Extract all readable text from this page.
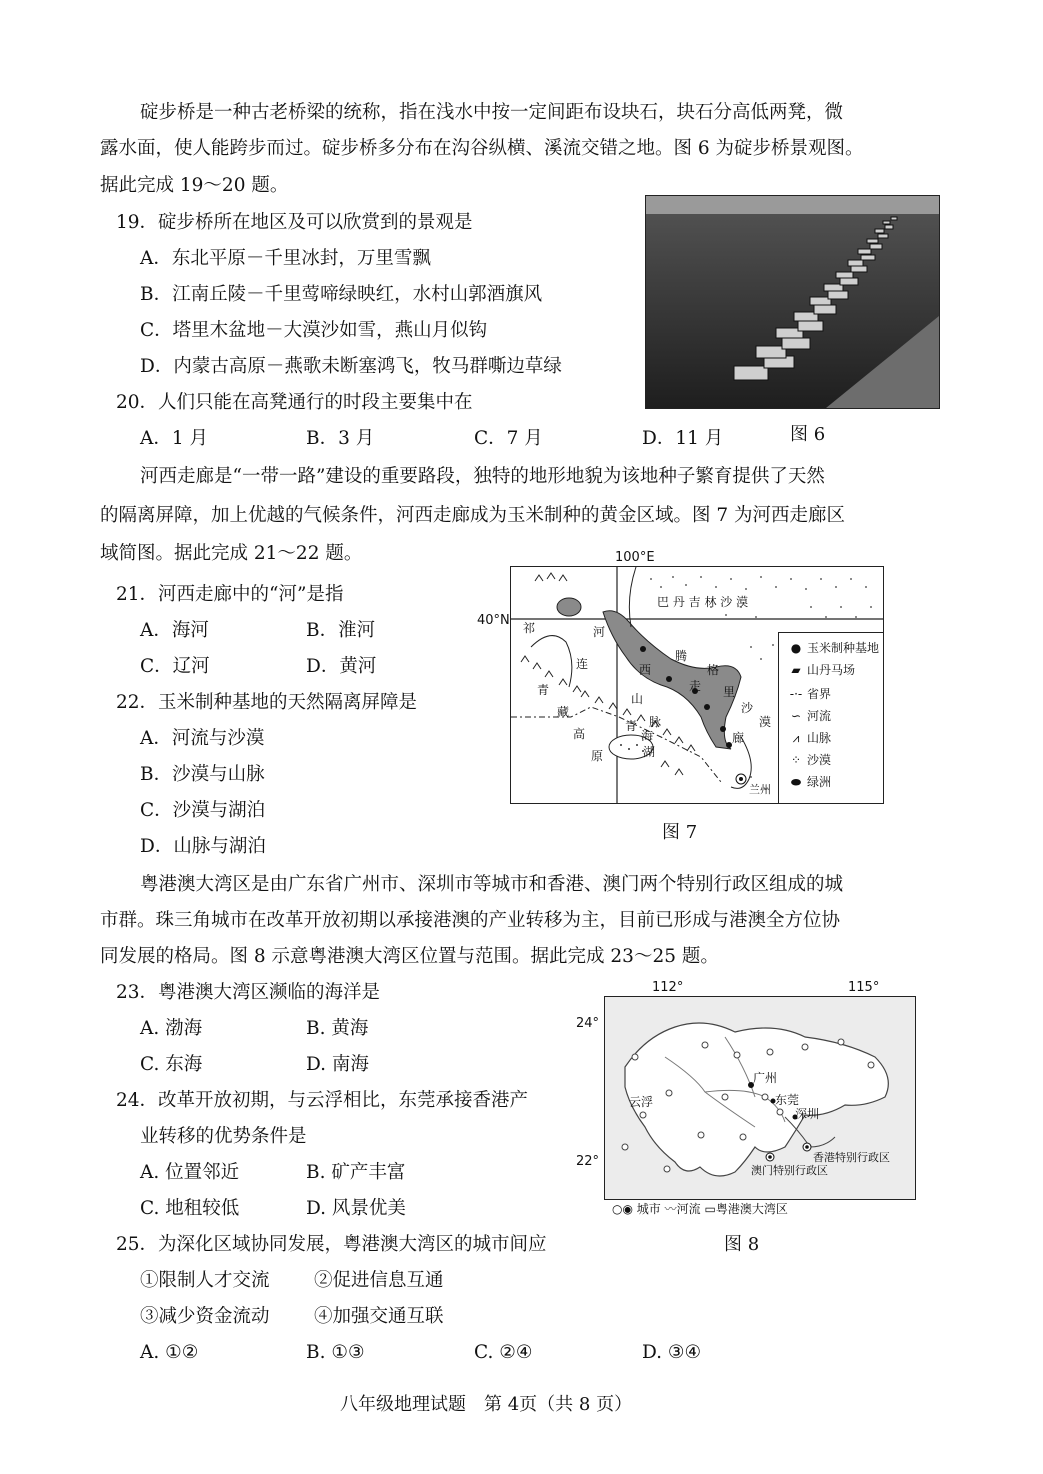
碇步桥是一种古老桥梁的统称，指在浅水中按一定间距布设块石，块石分高低两凳，微
露水面，使人能跨步而过。碇步桥多分布在沟谷纵横、溪流交错之地。图 6 为碇步桥景观图。
据此完成 19～20 题。
19．碇步桥所在地区及可以欣赏到的景观是
A．东北平原－千里冰封，万里雪飘
B．江南丘陵－千里莺啼绿映红，水村山郭酒旗风
C．塔里木盆地－大漠沙如雪，燕山月似钩
D．内蒙古高原－燕歌未断塞鸿飞，牧马群嘶边草绿
20．人们只能在高凳通行的时段主要集中在
A．1 月	B．3 月	C．7 月	D．11 月	图 6
河西走廊是“一带一路”建设的重要路段，独特的地形地貌为该地种子繁育提供了天然
的隔离屏障，加上优越的气候条件，河西走廊成为玉米制种的黄金区域。图 7 为河西走廊区
域简图。据此完成 21～22 题。
21．河西走廊中的“河”是指
A．海河	B．淮河
C．辽河	D．黄河
22．玉米制种基地的天然隔离屏障是
A．河流与沙漠
B．沙漠与山脉
C．沙漠与湖泊
D．山脉与湖泊
100°E
40°N
巴 丹 吉 林 沙 漠
祁
连
山
河
西
走
廊
腾
格
里
沙
漠
青
藏
高
原
脉
青
海
湖
兰州
● 玉米制种基地
▰ 山丹马场
-·- 省界
∽ 河流
⩘ 山脉
⁘ 沙漠
⬬ 绿洲
图 7
粤港澳大湾区是由广东省广州市、深圳市等城市和香港、澳门两个特别行政区组成的城
市群。珠三角城市在改革开放初期以承接港澳的产业转移为主，目前已形成与港澳全方位协
同发展的格局。图 8 示意粤港澳大湾区位置与范围。据此完成 23～25 题。
23．粤港澳大湾区濒临的海洋是
A. 渤海	B. 黄海
C. 东海	D. 南海
24．改革开放初期，与云浮相比，东莞承接香港产
业转移的优势条件是
A. 位置邻近	B. 矿产丰富
C. 地租较低	D. 风景优美
25．为深化区域协同发展，粤港澳大湾区的城市间应
①限制人才交流 ②促进信息互通
③减少资金流动 ④加强交通互联
A. ①②	B. ①③	C. ②④	D. ③④
112°	115°
24°
22°
广州
东莞
深圳
云浮
香港特别行政区
澳门特别行政区
○◉ 城市 〰河流 ▭粤港澳大湾区
图 8
八年级地理试题　第 4页（共 8 页）
